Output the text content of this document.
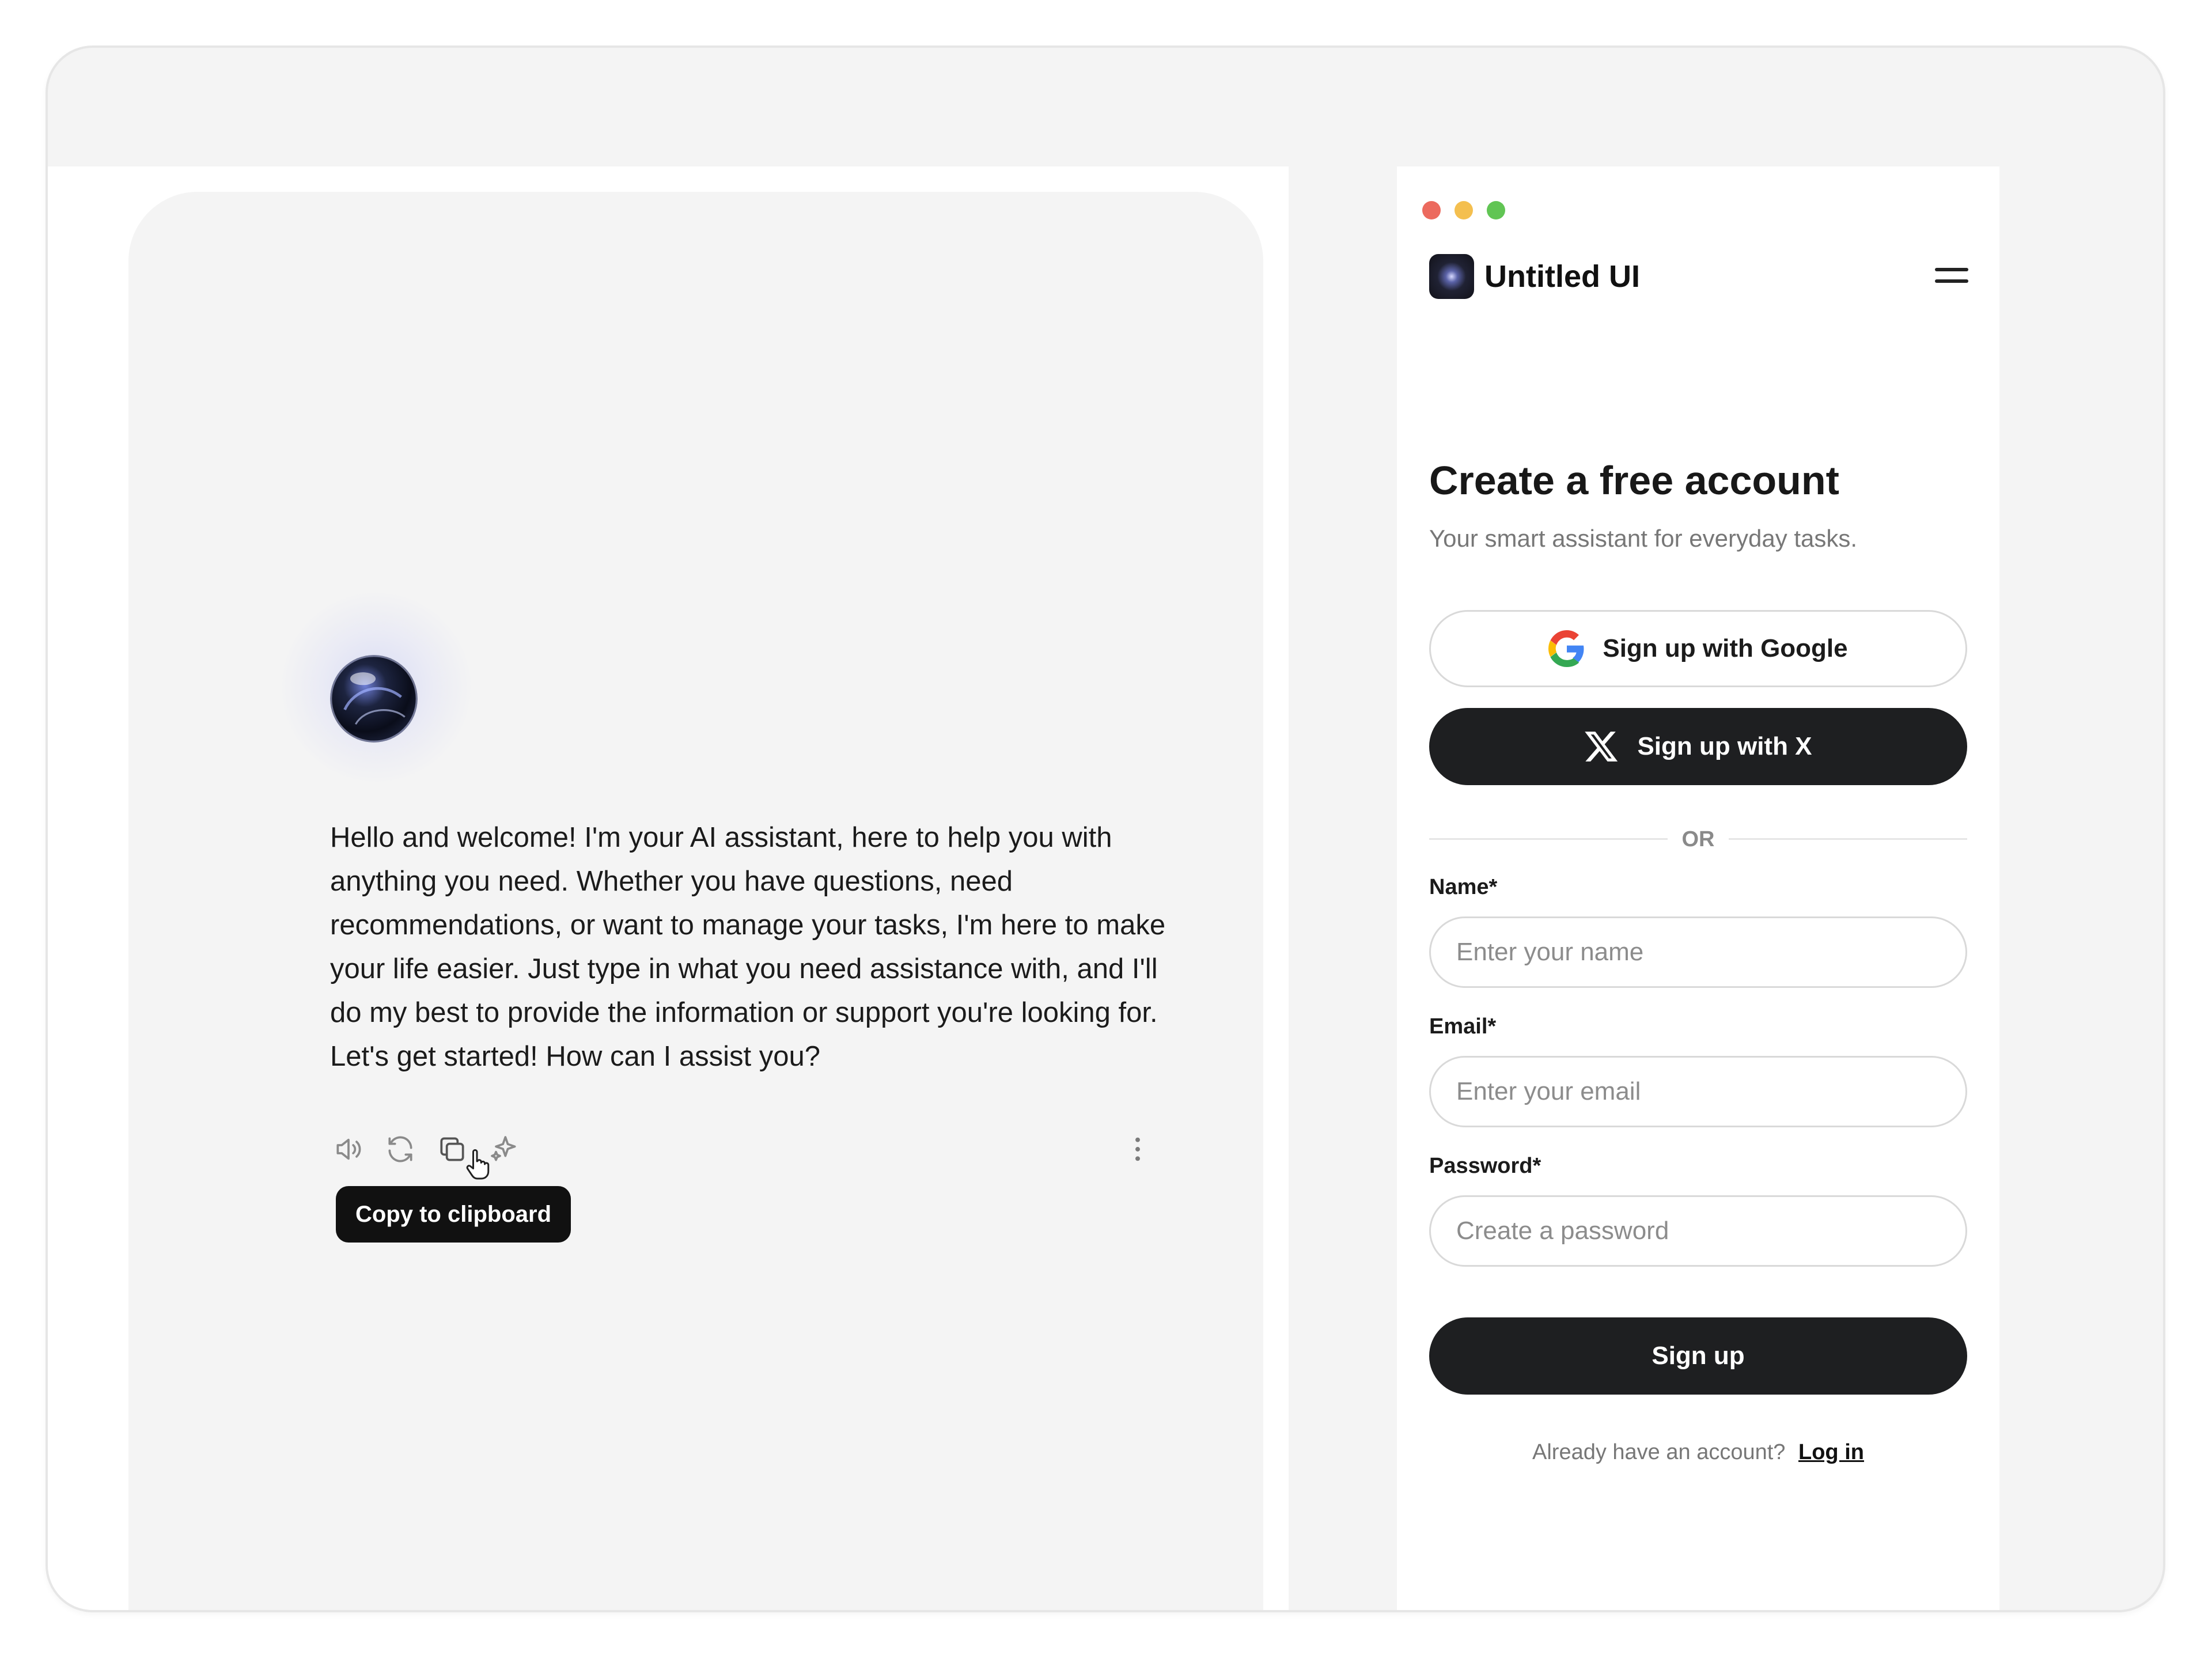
Hello and welcome! I'm your AI assistant, here to help you with anything you need. Whether you have questions, need recommendations, or want to manage your tasks, I'm here to make your life easier. Just type in what you need assistance with, and I'll do my best to provide the information or support you're looking for. Let's get started! How can I assist you?

Copy to clipboard
Untitled UI
Create a free account
Your smart assistant for everyday tasks.
Sign up with Google
Sign up with X
OR
Name*
Enter your name
Email*
Enter your email
Password*
Sign up
Already have an account? Log in
